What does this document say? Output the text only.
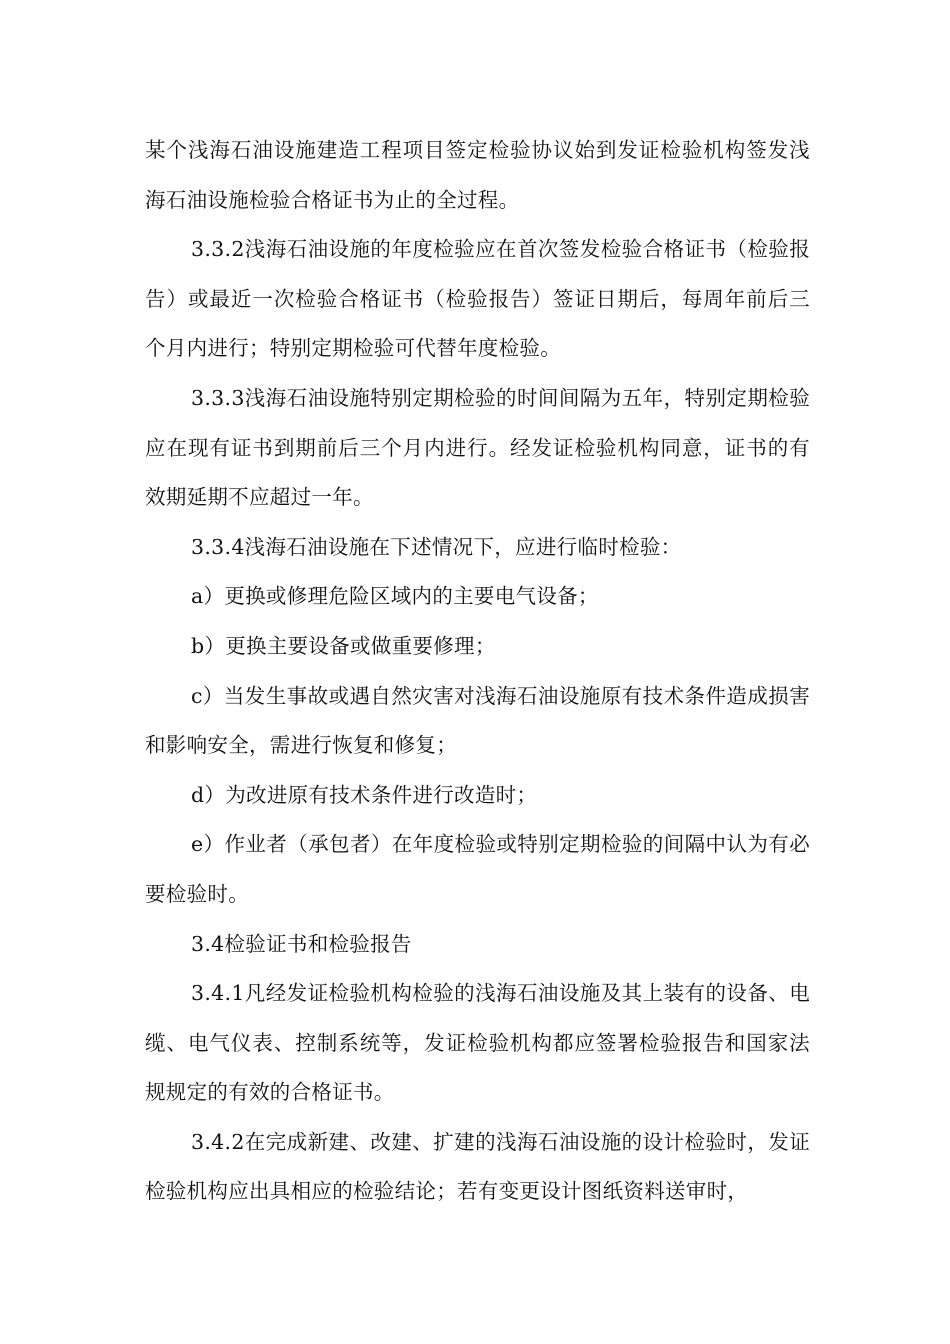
某个浅海石油设施建造工程项目签定检验协议始到发证检验机构签发浅海石油设施检验合格证书为止的全过程。

3.3.2浅海石油设施的年度检验应在首次签发检验合格证书（检验报告）或最近一次检验合格证书（检验报告）签证日期后，每周年前后三个月内进行；特别定期检验可代替年度检验。

3.3.3浅海石油设施特别定期检验的时间间隔为五年，特别定期检验应在现有证书到期前后三个月内进行。经发证检验机构同意，证书的有效期延期不应超过一年。

3.3.4浅海石油设施在下述情况下，应进行临时检验：

a）更换或修理危险区域内的主要电气设备；

b）更换主要设备或做重要修理；

c）当发生事故或遇自然灾害对浅海石油设施原有技术条件造成损害和影响安全，需进行恢复和修复；

d）为改进原有技术条件进行改造时；

e）作业者（承包者）在年度检验或特别定期检验的间隔中认为有必要检验时。

3.4检验证书和检验报告

3.4.1凡经发证检验机构检验的浅海石油设施及其上装有的设备、电缆、电气仪表、控制系统等，发证检验机构都应签署检验报告和国家法规规定的有效的合格证书。

3.4.2在完成新建、改建、扩建的浅海石油设施的设计检验时，发证检验机构应出具相应的检验结论；若有变更设计图纸资料送审时，
